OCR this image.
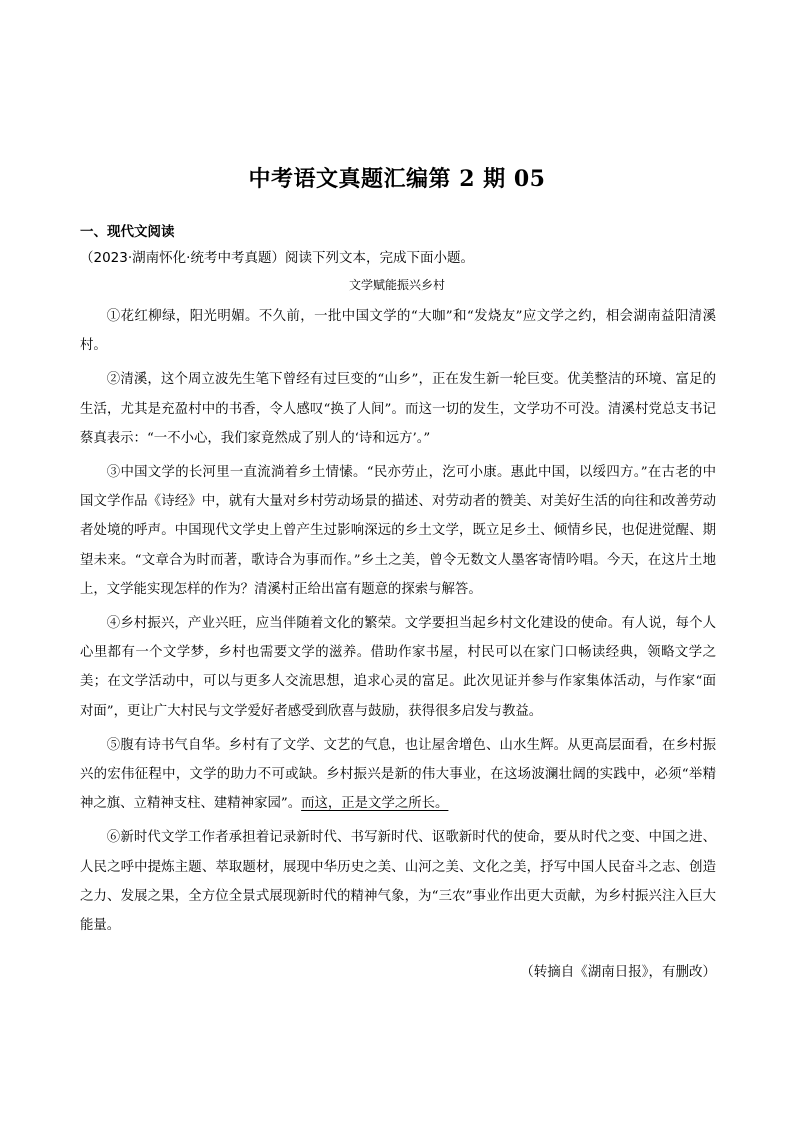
中考语文真题汇编第 2 期 05

一、现代文阅读

（2023·湖南怀化·统考中考真题）阅读下列文本，完成下面小题。

文学赋能振兴乡村

①花红柳绿，阳光明媚。不久前，一批中国文学的“大咖”和“发烧友”应文学之约，相会湖南益阳清溪村。

②清溪，这个周立波先生笔下曾经有过巨变的“山乡”，正在发生新一轮巨变。优美整洁的环境、富足的生活，尤其是充盈村中的书香，令人感叹“换了人间”。而这一切的发生，文学功不可没。清溪村党总支书记蔡真表示：“一不小心，我们家竟然成了别人的‘诗和远方’。”

③中国文学的长河里一直流淌着乡土情愫。“民亦劳止，汔可小康。惠此中国，以绥四方。”在古老的中国文学作品《诗经》中，就有大量对乡村劳动场景的描述、对劳动者的赞美、对美好生活的向往和改善劳动者处境的呼声。中国现代文学史上曾产生过影响深远的乡土文学，既立足乡土、倾情乡民，也促进觉醒、期望未来。“文章合为时而著，歌诗合为事而作。”乡土之美，曾令无数文人墨客寄情吟唱。今天，在这片土地上，文学能实现怎样的作为？清溪村正给出富有题意的探索与解答。

④乡村振兴，产业兴旺，应当伴随着文化的繁荣。文学要担当起乡村文化建设的使命。有人说，每个人心里都有一个文学梦，乡村也需要文学的滋养。借助作家书屋，村民可以在家门口畅读经典，领略文学之美；在文学活动中，可以与更多人交流思想，追求心灵的富足。此次见证并参与作家集体活动，与作家“面对面”，更让广大村民与文学爱好者感受到欣喜与鼓励，获得很多启发与教益。

⑤腹有诗书气自华。乡村有了文学、文艺的气息，也让屋舍增色、山水生辉。从更高层面看，在乡村振兴的宏伟征程中，文学的助力不可或缺。乡村振兴是新的伟大事业，在这场波澜壮阔的实践中，必须“举精神之旗、立精神支柱、建精神家园”。而这，正是文学之所长。

⑥新时代文学工作者承担着记录新时代、书写新时代、讴歌新时代的使命，要从时代之变、中国之进、人民之呼中提炼主题、萃取题材，展现中华历史之美、山河之美、文化之美，抒写中国人民奋斗之志、创造之力、发展之果，全方位全景式展现新时代的精神气象，为“三农”事业作出更大贡献，为乡村振兴注入巨大能量。

（转摘自《湖南日报》，有删改）
